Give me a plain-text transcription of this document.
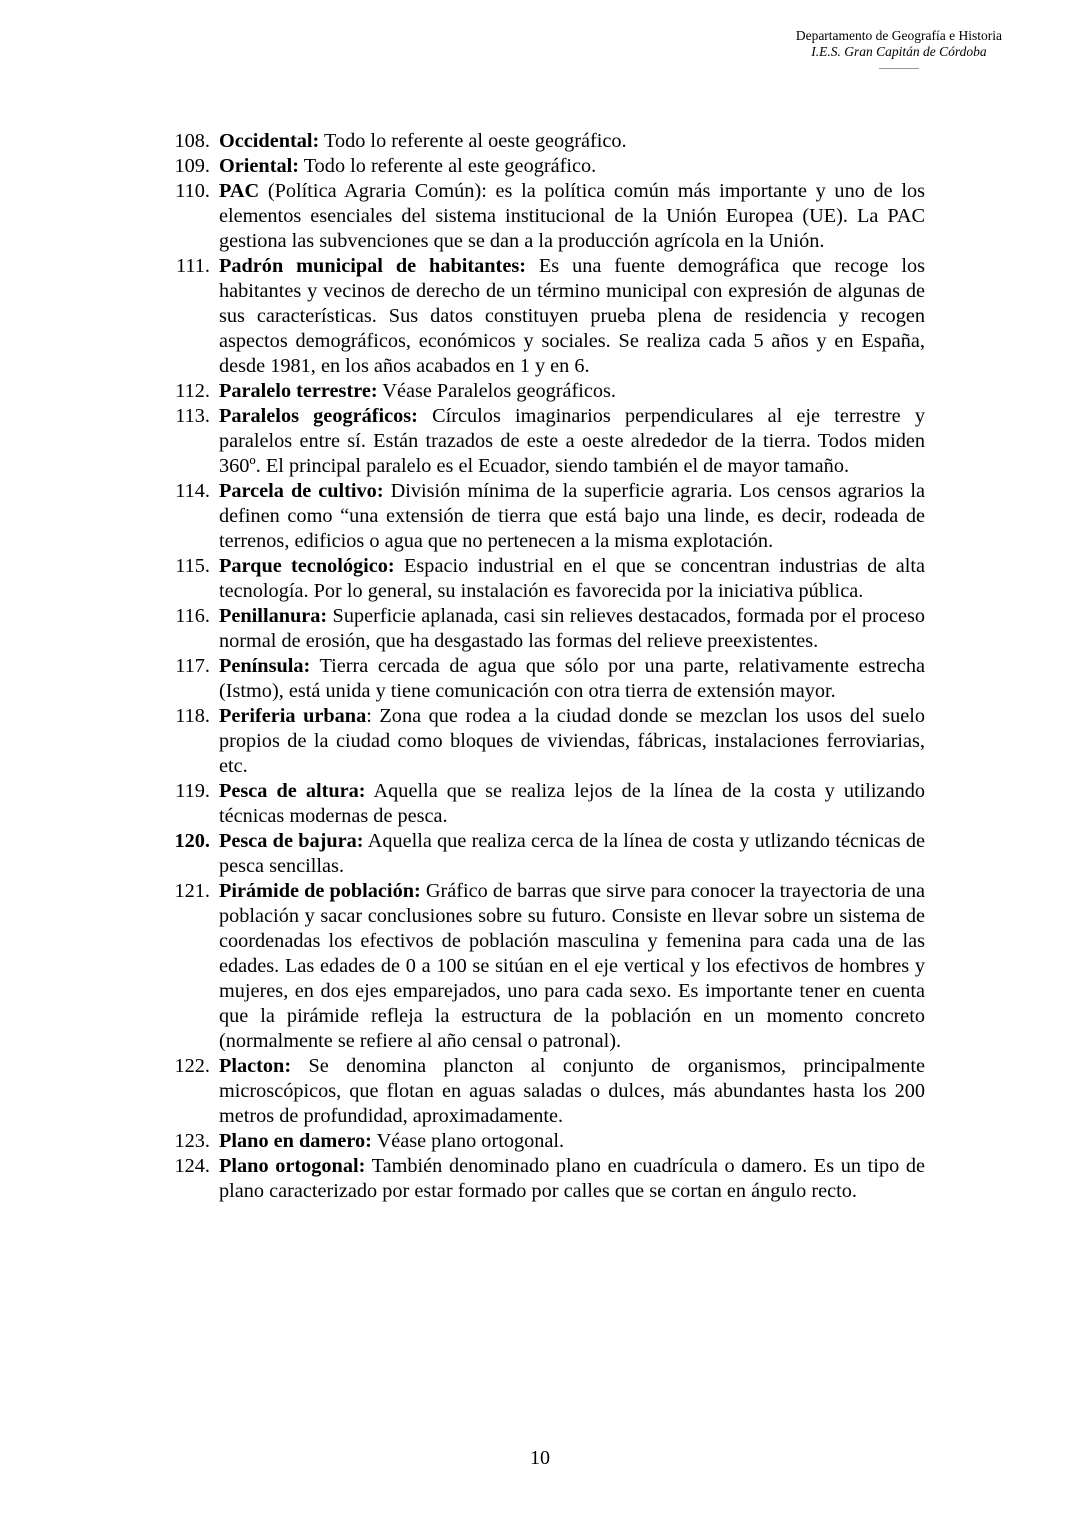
Departamento de Geografía e Historia
I.E.S. Gran Capitán de Córdoba
108. Occidental: Todo lo referente al oeste geográfico.
109. Oriental: Todo lo referente al este geográfico.
110. PAC (Política Agraria Común): es la política común más importante y uno de los elementos esenciales del sistema institucional de la Unión Europea (UE). La PAC gestiona las subvenciones que se dan a la producción agrícola en la Unión.
111. Padrón municipal de habitantes: Es una fuente demográfica que recoge los habitantes y vecinos de derecho de un término municipal con expresión de algunas de sus características. Sus datos constituyen prueba plena de residencia y recogen aspectos demográficos, económicos y sociales. Se realiza cada 5 años y en España, desde 1981, en los años acabados en 1 y en 6.
112. Paralelo terrestre: Véase Paralelos geográficos.
113. Paralelos geográficos: Círculos imaginarios perpendiculares al eje terrestre y paralelos entre sí. Están trazados de este a oeste alrededor de la tierra. Todos miden 360º. El principal paralelo es el Ecuador, siendo también el de mayor tamaño.
114. Parcela de cultivo: División mínima de la superficie agraria. Los censos agrarios la definen como “una extensión de tierra que está bajo una linde, es decir, rodeada de terrenos, edificios o agua que no pertenecen a la misma explotación.
115. Parque tecnológico: Espacio industrial en el que se concentran industrias de alta tecnología. Por lo general, su instalación es favorecida por la iniciativa pública.
116. Penillanura: Superficie aplanada, casi sin relieves destacados, formada por el proceso normal de erosión, que ha desgastado las formas del relieve preexistentes.
117. Península: Tierra cercada de agua que sólo por una parte, relativamente estrecha (Istmo), está unida y tiene comunicación con otra tierra de extensión mayor.
118. Periferia urbana: Zona que rodea a la ciudad donde se mezclan los usos del suelo propios de la ciudad como bloques de viviendas, fábricas, instalaciones ferroviarias, etc.
119. Pesca de altura: Aquella que se realiza lejos de la línea de la costa y utilizando técnicas modernas de pesca.
120. Pesca de bajura: Aquella que realiza cerca de la línea de costa y utlizando técnicas de pesca sencillas.
121. Pirámide de población: Gráfico de barras que sirve para conocer la trayectoria de una población y sacar conclusiones sobre su futuro. Consiste en llevar sobre un sistema de coordenadas los efectivos de población masculina y femenina para cada una de las edades. Las edades de 0 a 100 se sitúan en el eje vertical y los efectivos de hombres y mujeres, en dos ejes emparejados, uno para cada sexo. Es importante tener en cuenta que la pirámide refleja la estructura de la población en un momento concreto (normalmente se refiere al año censal o patronal).
122. Placton: Se denomina plancton al conjunto de organismos, principalmente microscópicos, que flotan en aguas saladas o dulces, más abundantes hasta los 200 metros de profundidad, aproximadamente.
123. Plano en damero: Véase plano ortogonal.
124. Plano ortogonal: También denominado plano en cuadrícula o damero. Es un tipo de plano caracterizado por estar formado por calles que se cortan en ángulo recto.
10
